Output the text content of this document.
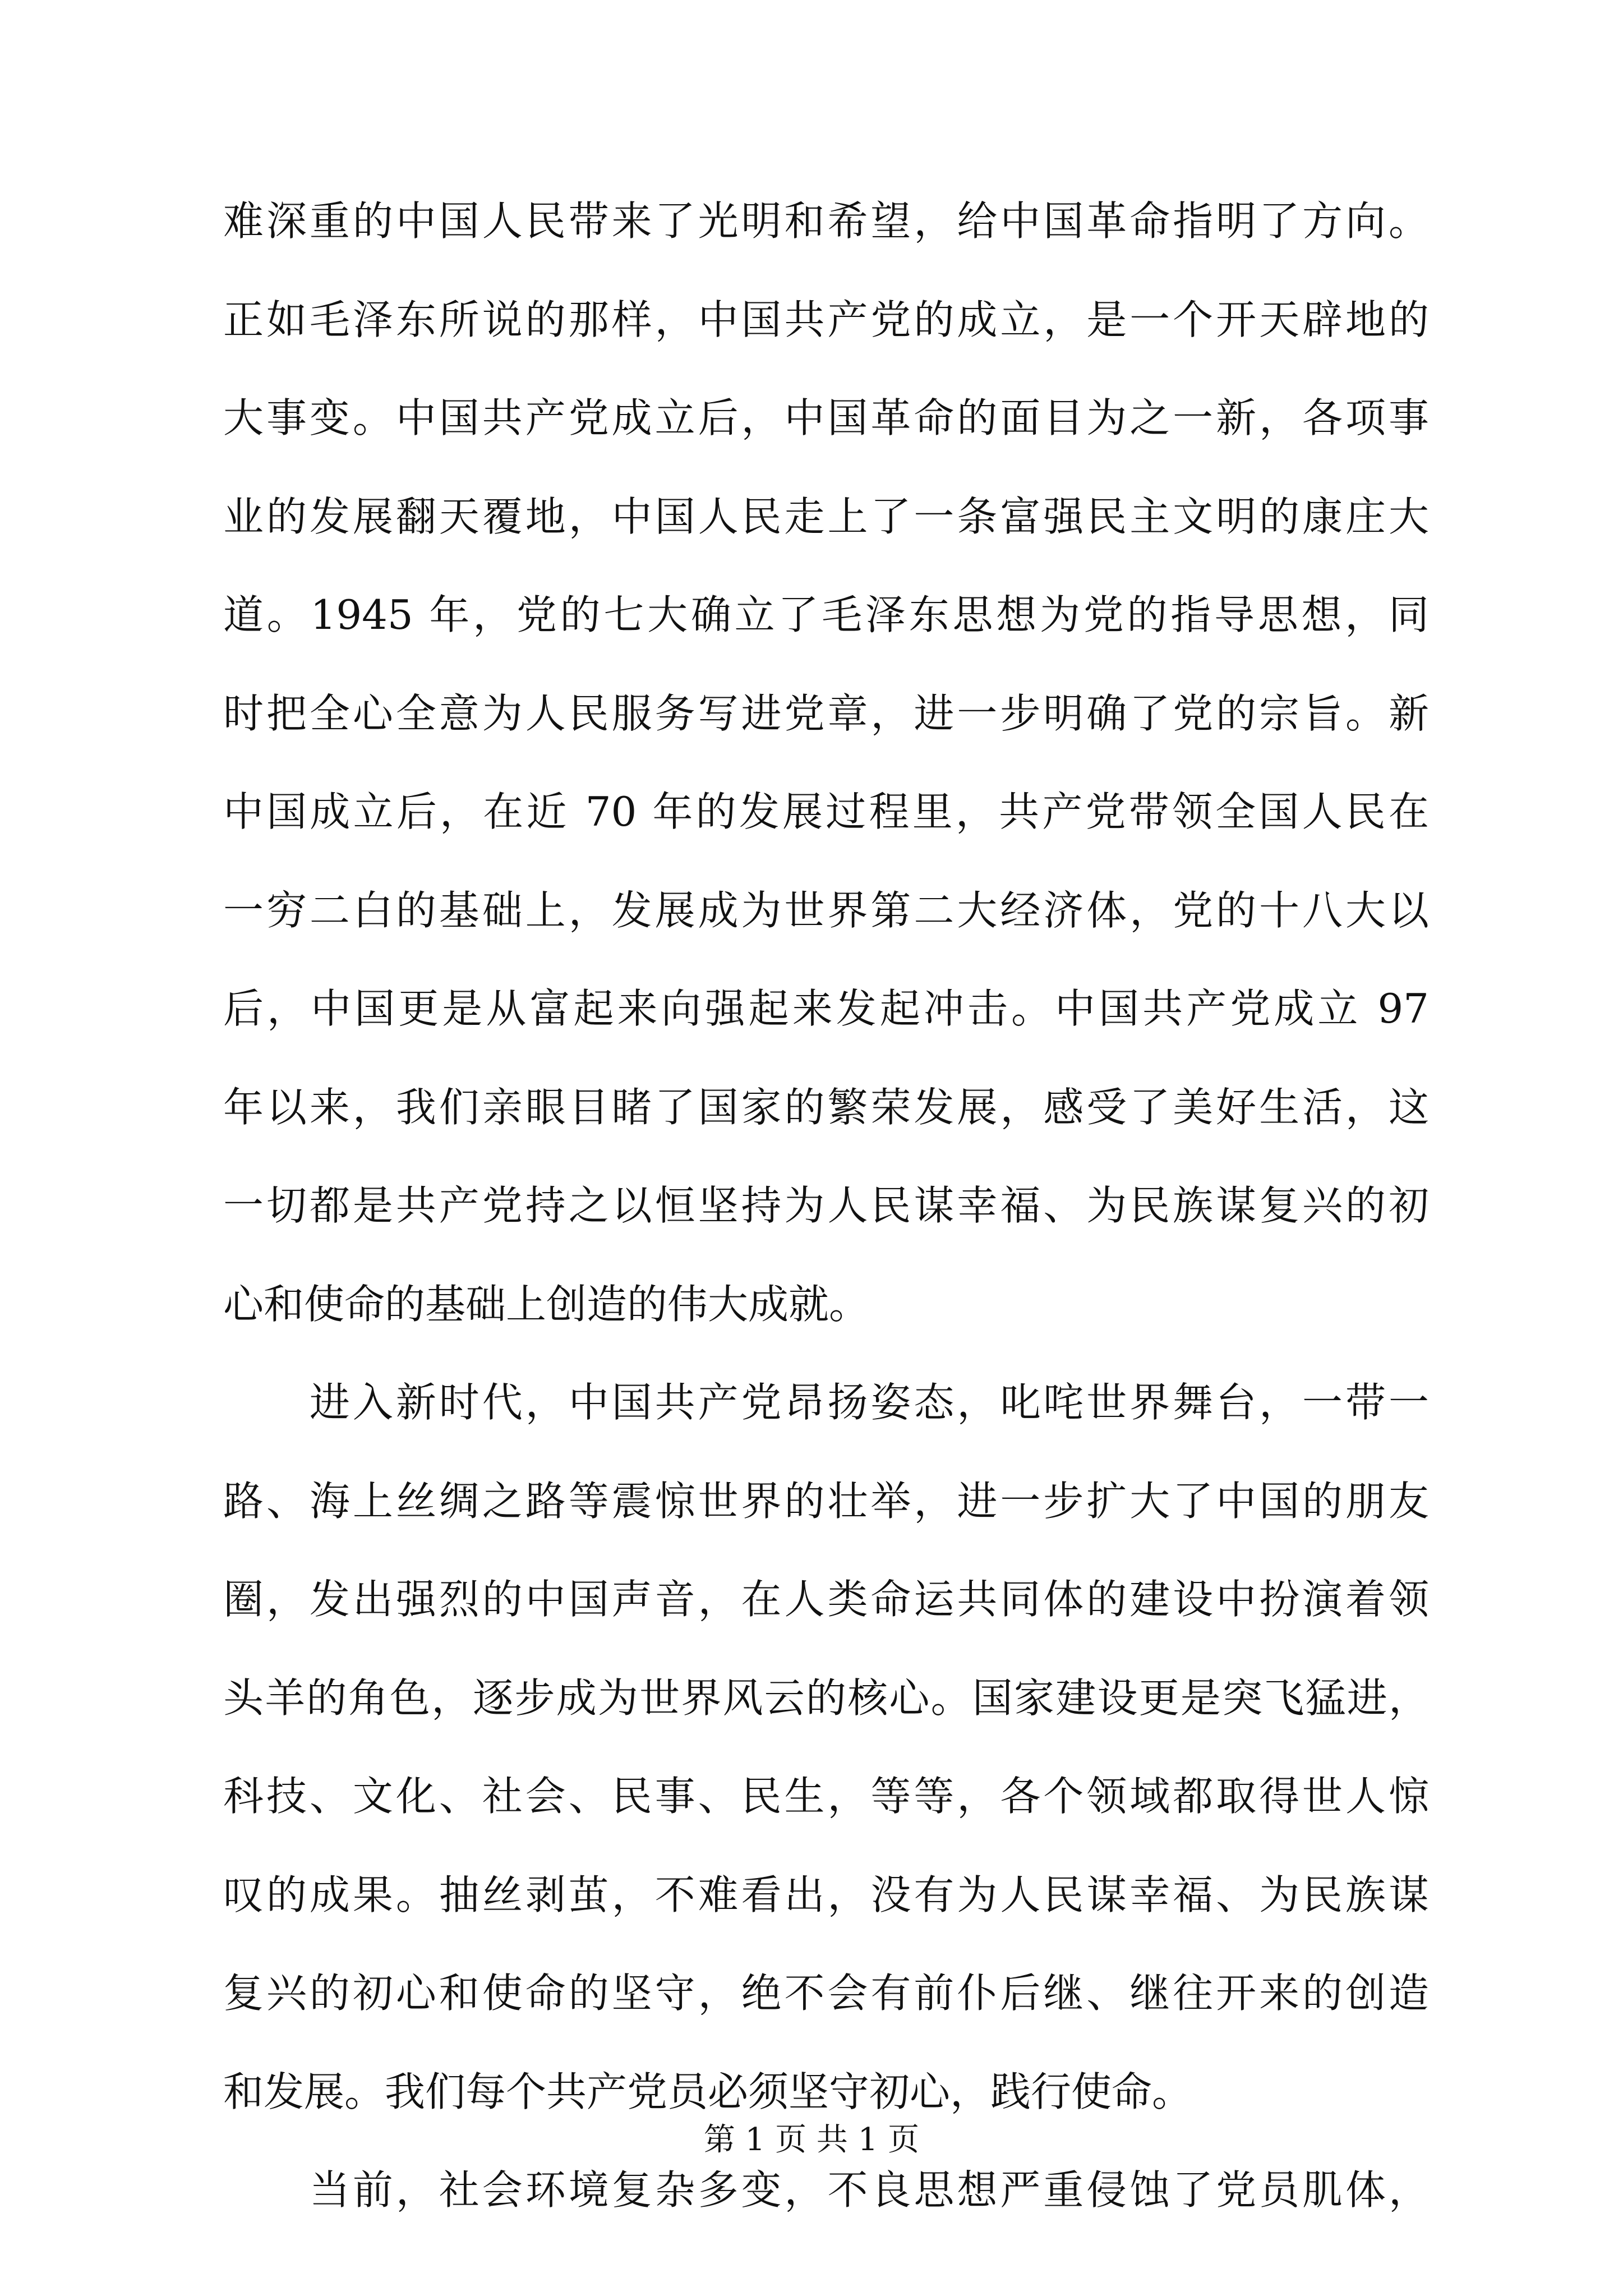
难深重的中国人民带来了光明和希望，给中国革命指明了方向。
正如毛泽东所说的那样，中国共产党的成立，是一个开天辟地的
大事变。中国共产党成立后，中国革命的面目为之一新，各项事
业的发展翻天覆地，中国人民走上了一条富强民主文明的康庄大
道。1945 年，党的七大确立了毛泽东思想为党的指导思想，同
时把全心全意为人民服务写进党章，进一步明确了党的宗旨。新
中国成立后，在近 70 年的发展过程里，共产党带领全国人民在
一穷二白的基础上，发展成为世界第二大经济体，党的十八大以
后，中国更是从富起来向强起来发起冲击。中国共产党成立 97
年以来，我们亲眼目睹了国家的繁荣发展，感受了美好生活，这
一切都是共产党持之以恒坚持为人民谋幸福、为民族谋复兴的初
心和使命的基础上创造的伟大成就。
　　进入新时代，中国共产党昂扬姿态，叱咤世界舞台，一带一
路、海上丝绸之路等震惊世界的壮举，进一步扩大了中国的朋友
圈，发出强烈的中国声音，在人类命运共同体的建设中扮演着领
头羊的角色，逐步成为世界风云的核心。国家建设更是突飞猛进，
科技、文化、社会、民事、民生，等等，各个领域都取得世人惊
叹的成果。抽丝剥茧，不难看出，没有为人民谋幸福、为民族谋
复兴的初心和使命的坚守，绝不会有前仆后继、继往开来的创造
和发展。我们每个共产党员必须坚守初心，践行使命。
　　当前，社会环境复杂多变，不良思想严重侵蚀了党员肌体，
第 1 页 共 1 页
